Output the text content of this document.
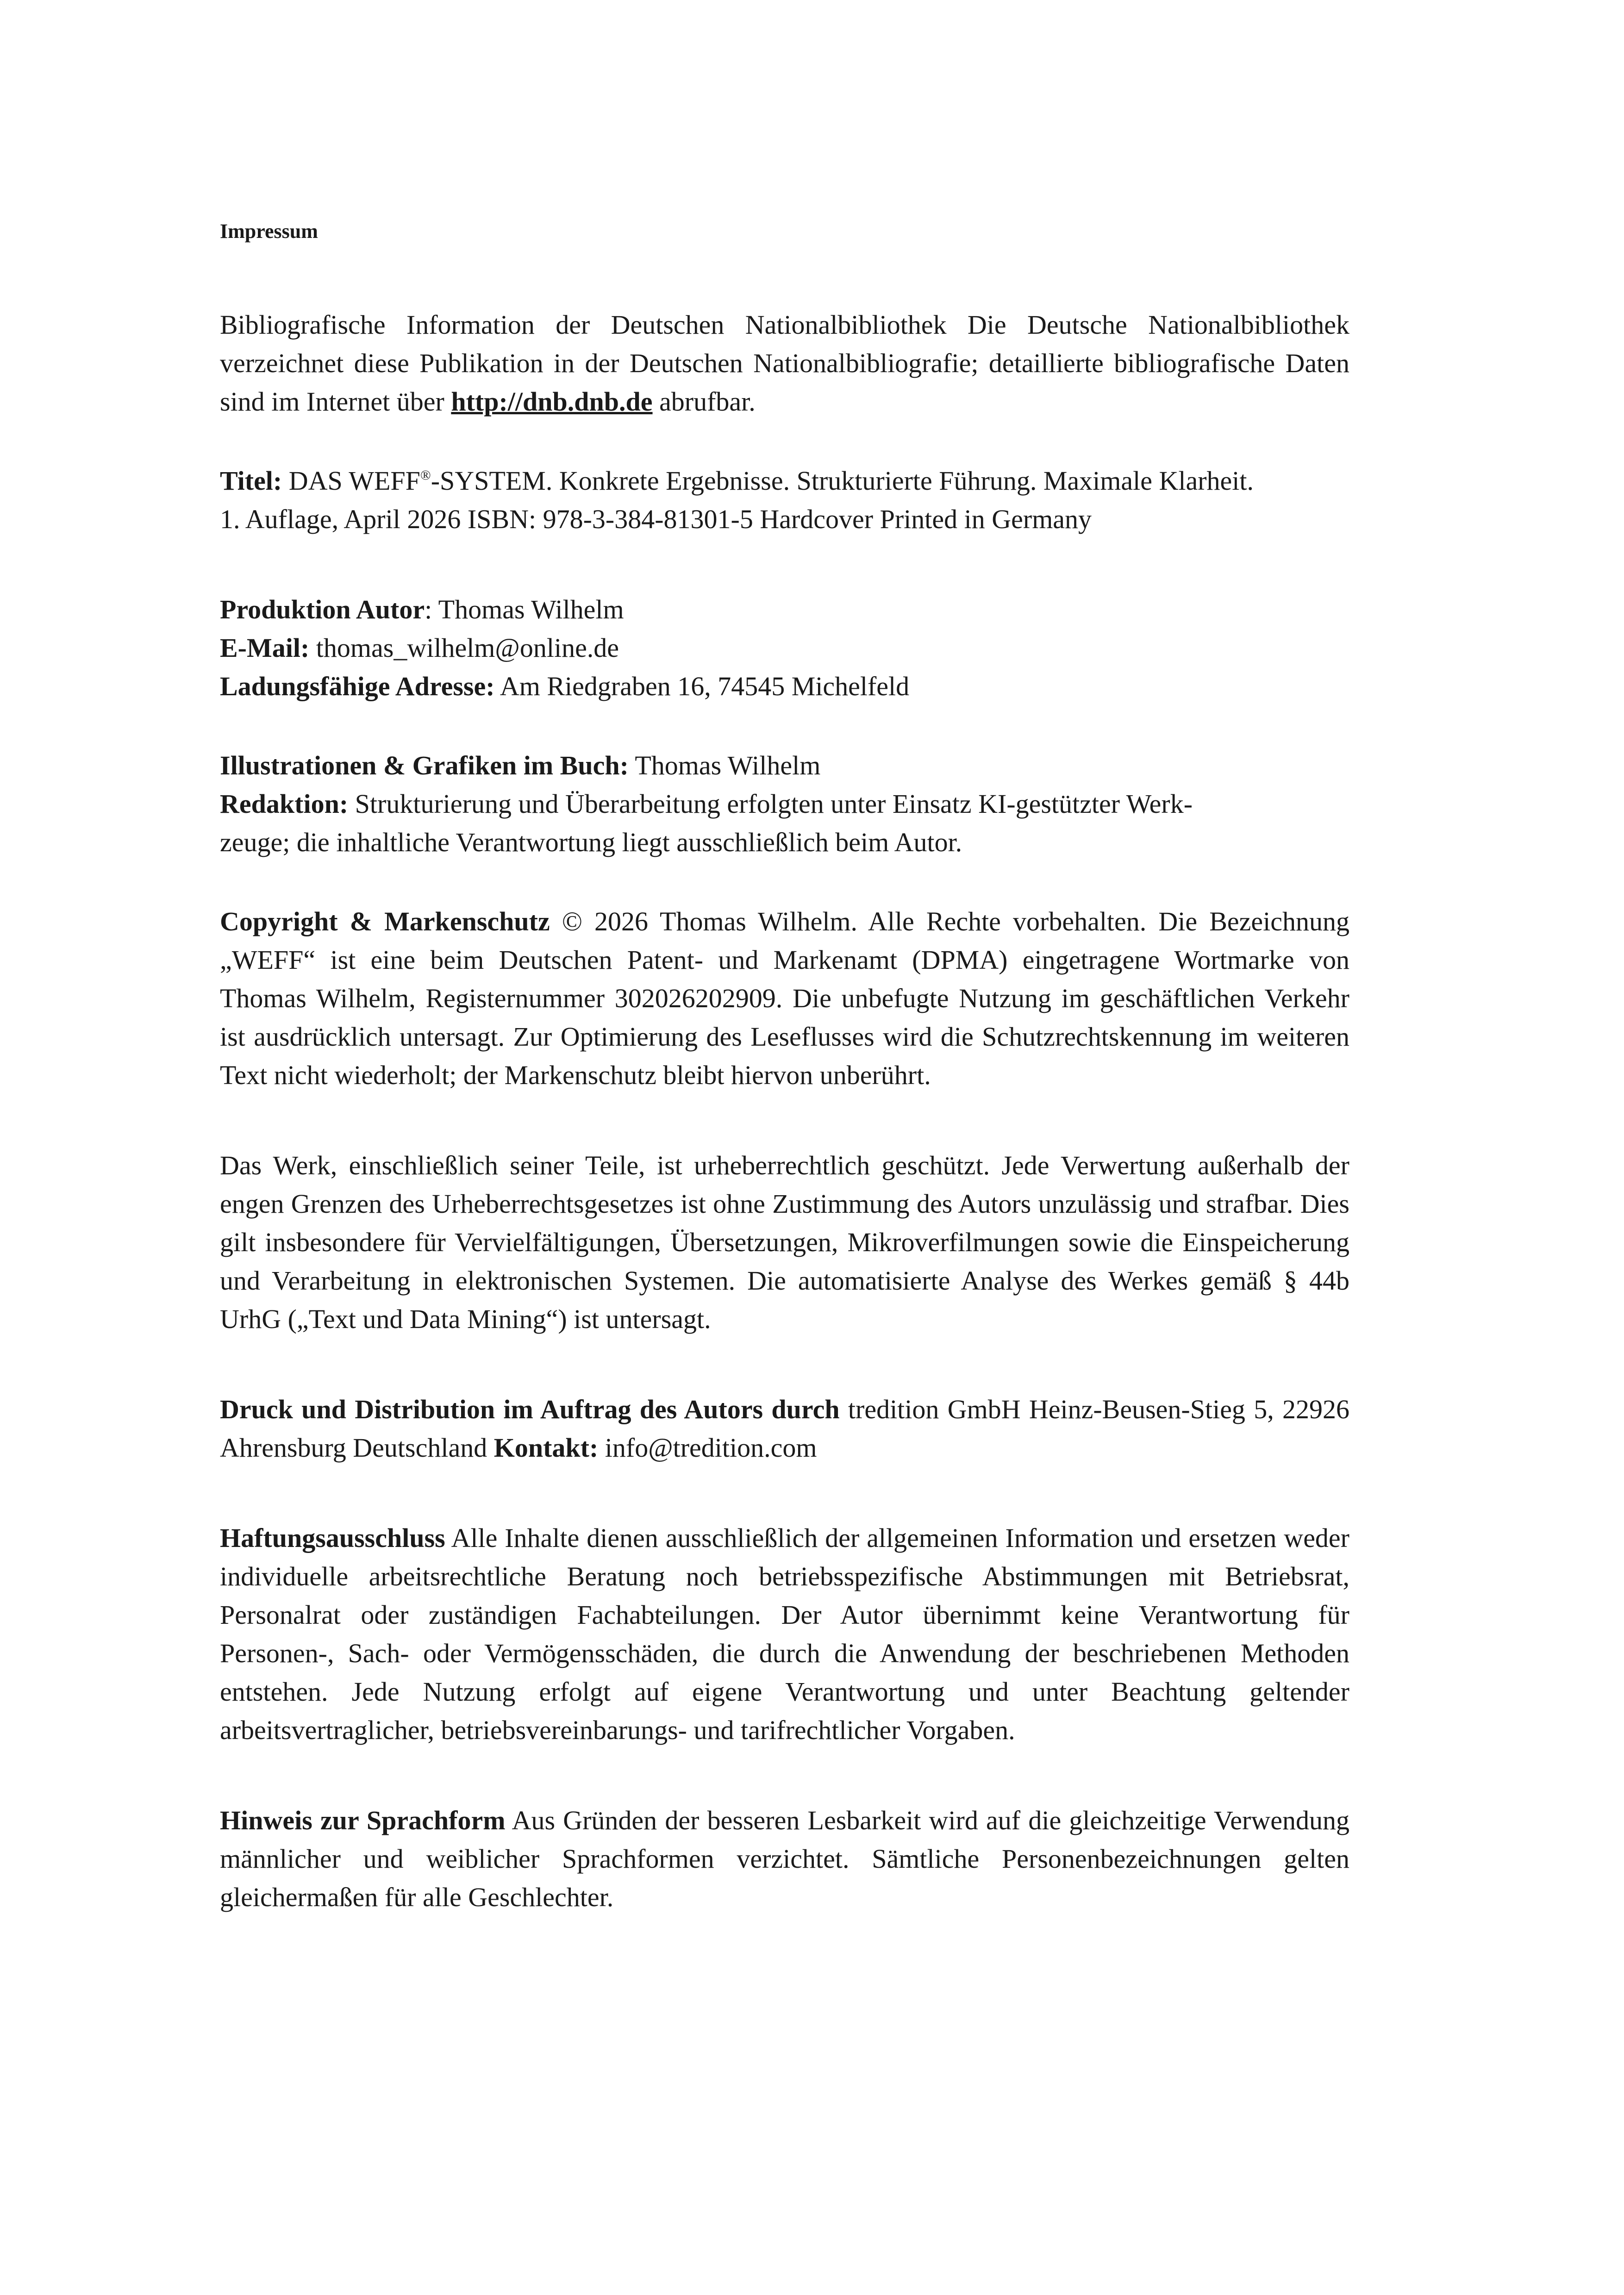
Impressum

Bibliografische Information der Deutschen Nationalbibliothek Die Deutsche Nationalbibliothek verzeichnet diese Publikation in der Deutschen Nationalbibliografie; detaillierte bibliografische Daten sind im Internet über http://dnb.dnb.de abrufbar.

Titel: DAS WEFF®-SYSTEM. Konkrete Ergebnisse. Strukturierte Führung. Maximale Klarheit.

1. Auflage, April 2026 ISBN: 978-3-384-81301-5 Hardcover Printed in Germany

Produktion Autor: Thomas Wilhelm

E-Mail: thomas_wilhelm@online.de

Ladungsfähige Adresse: Am Riedgraben 16, 74545 Michelfeld

Illustrationen & Grafiken im Buch: Thomas Wilhelm

Redaktion: Strukturierung und Überarbeitung erfolgten unter Einsatz KI-gestützter Werk-

zeuge; die inhaltliche Verantwortung liegt ausschließlich beim Autor.

Copyright & Markenschutz © 2026 Thomas Wilhelm. Alle Rechte vorbehalten. Die Bezeichnung „WEFF“ ist eine beim Deutschen Patent- und Markenamt (DPMA) eingetragene Wortmarke von Thomas Wilhelm, Registernummer 302026202909. Die unbefugte Nutzung im geschäftlichen Verkehr ist ausdrücklich untersagt. Zur Optimierung des Leseflusses wird die Schutzrechtskennung im weiteren Text nicht wiederholt; der Markenschutz bleibt hiervon unberührt.

Das Werk, einschließlich seiner Teile, ist urheberrechtlich geschützt. Jede Verwertung außerhalb der engen Grenzen des Urheberrechtsgesetzes ist ohne Zustimmung des Autors unzulässig und strafbar. Dies gilt insbesondere für Vervielfältigungen, Übersetzungen, Mikroverfilmungen sowie die Einspeicherung und Verarbeitung in elektronischen Systemen. Die automatisierte Analyse des Werkes gemäß § 44b UrhG („Text und Data Mining“) ist untersagt.

Druck und Distribution im Auftrag des Autors durch tredition GmbH Heinz-Beusen-Stieg 5, 22926 Ahrensburg Deutschland Kontakt: info@tredition.com

Haftungsausschluss Alle Inhalte dienen ausschließlich der allgemeinen Information und ersetzen weder individuelle arbeitsrechtliche Beratung noch betriebsspezifische Abstimmungen mit Betriebsrat, Personalrat oder zuständigen Fachabteilungen. Der Autor übernimmt keine Verantwortung für Personen-, Sach- oder Vermögensschäden, die durch die Anwendung der beschriebenen Methoden entstehen. Jede Nutzung erfolgt auf eigene Verantwortung und unter Beachtung geltender arbeitsvertraglicher, betriebsvereinbarungs- und tarifrechtlicher Vorgaben.

Hinweis zur Sprachform Aus Gründen der besseren Lesbarkeit wird auf die gleichzeitige Verwendung männlicher und weiblicher Sprachformen verzichtet. Sämtliche Personenbezeichnungen gelten gleichermaßen für alle Geschlechter.
